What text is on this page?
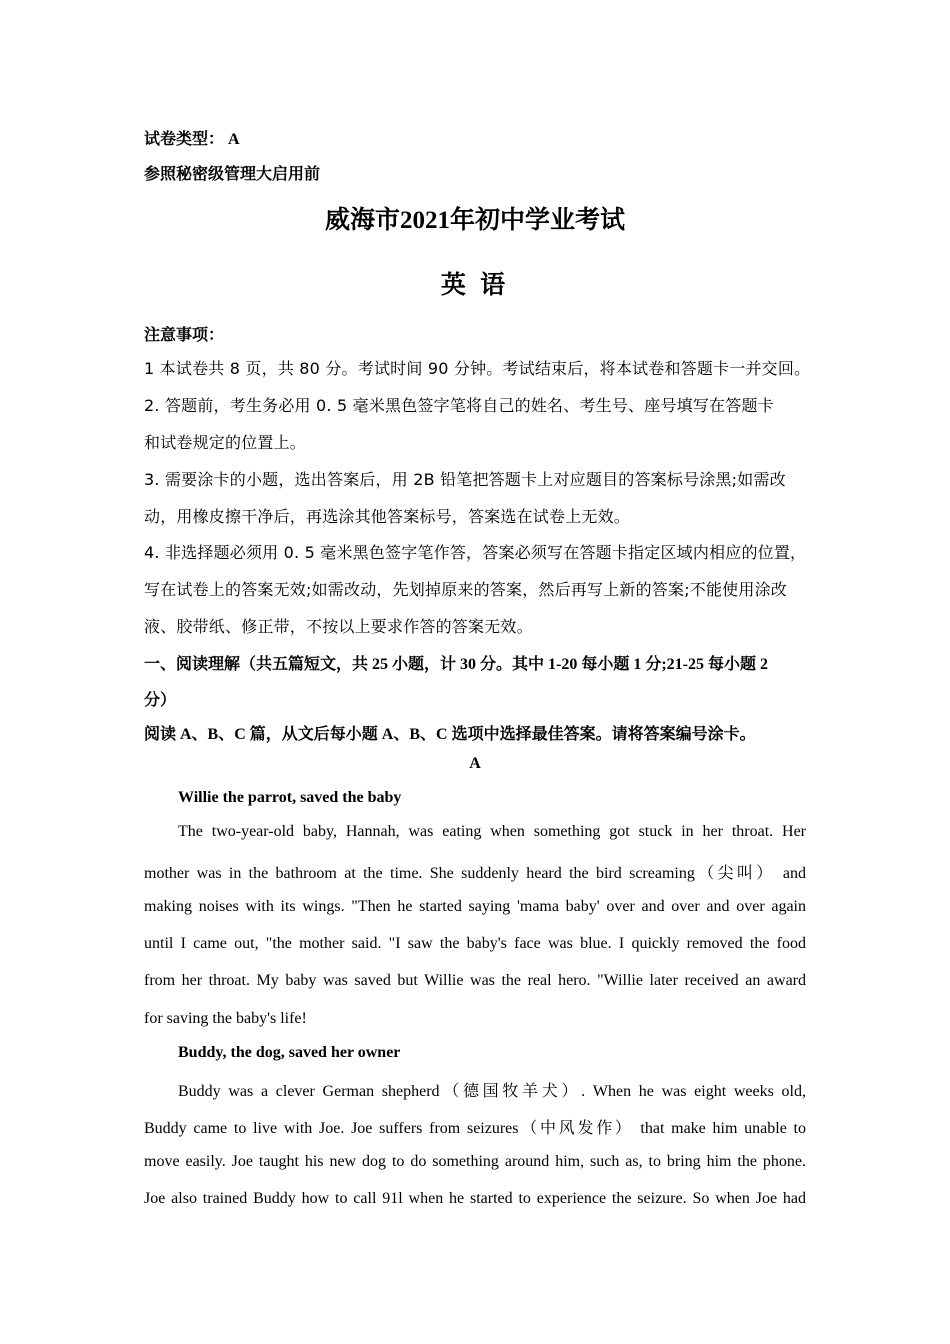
试卷类型： A
参照秘密级管理大启用前
威海市2021年初中学业考试
英 语
注意事项：
1 本试卷共 8 页，共 80 分。考试时间 90 分钟。考试结束后，将本试卷和答题卡一并交回。
2. 答题前，考生务必用 0. 5 毫米黑色签字笔将自己的姓名、考生号、座号填写在答题卡
和试卷规定的位置上。
3. 需要涂卡的小题，选出答案后，用 2B 铅笔把答题卡上对应题目的答案标号涂黑;如需改
动，用橡皮擦干净后，再选涂其他答案标号，答案选在试卷上无效。
4. 非选择题必须用 0. 5 毫米黑色签字笔作答，答案必须写在答题卡指定区域内相应的位置，
写在试卷上的答案无效;如需改动，先划掉原来的答案，然后再写上新的答案;不能使用涂改
液、胶带纸、修正带，不按以上要求作答的答案无效。
一、阅读理解（共五篇短文，共 25 小题，计 30 分。其中 1-20 每小题 1 分;21-25 每小题 2
分）
阅读 A、B、C 篇，从文后每小题 A、B、C 选项中选择最佳答案。请将答案编号涂卡。
A
Willie the parrot, saved the baby
The two-year-old baby, Hannah, was eating when something got stuck in her throat. Her
mother was in the bathroom at the time. She suddenly heard the bird screaming（尖叫） and
making noises with its wings. "Then he started saying 'mama baby' over and over and over again
until I came out, "the mother said. "I saw the baby's face was blue. I quickly removed the food
from her throat. My baby was saved but Willie was the real hero. "Willie later received an award
for saving the baby's life!
Buddy, the dog, saved her owner
Buddy was a clever German shepherd（德国牧羊犬）. When he was eight weeks old,
Buddy came to live with Joe. Joe suffers from seizures（中风发作） that make him unable to
move easily. Joe taught his new dog to do something around him, such as, to bring him the phone.
Joe also trained Buddy how to call 91l when he started to experience the seizure. So when Joe had
